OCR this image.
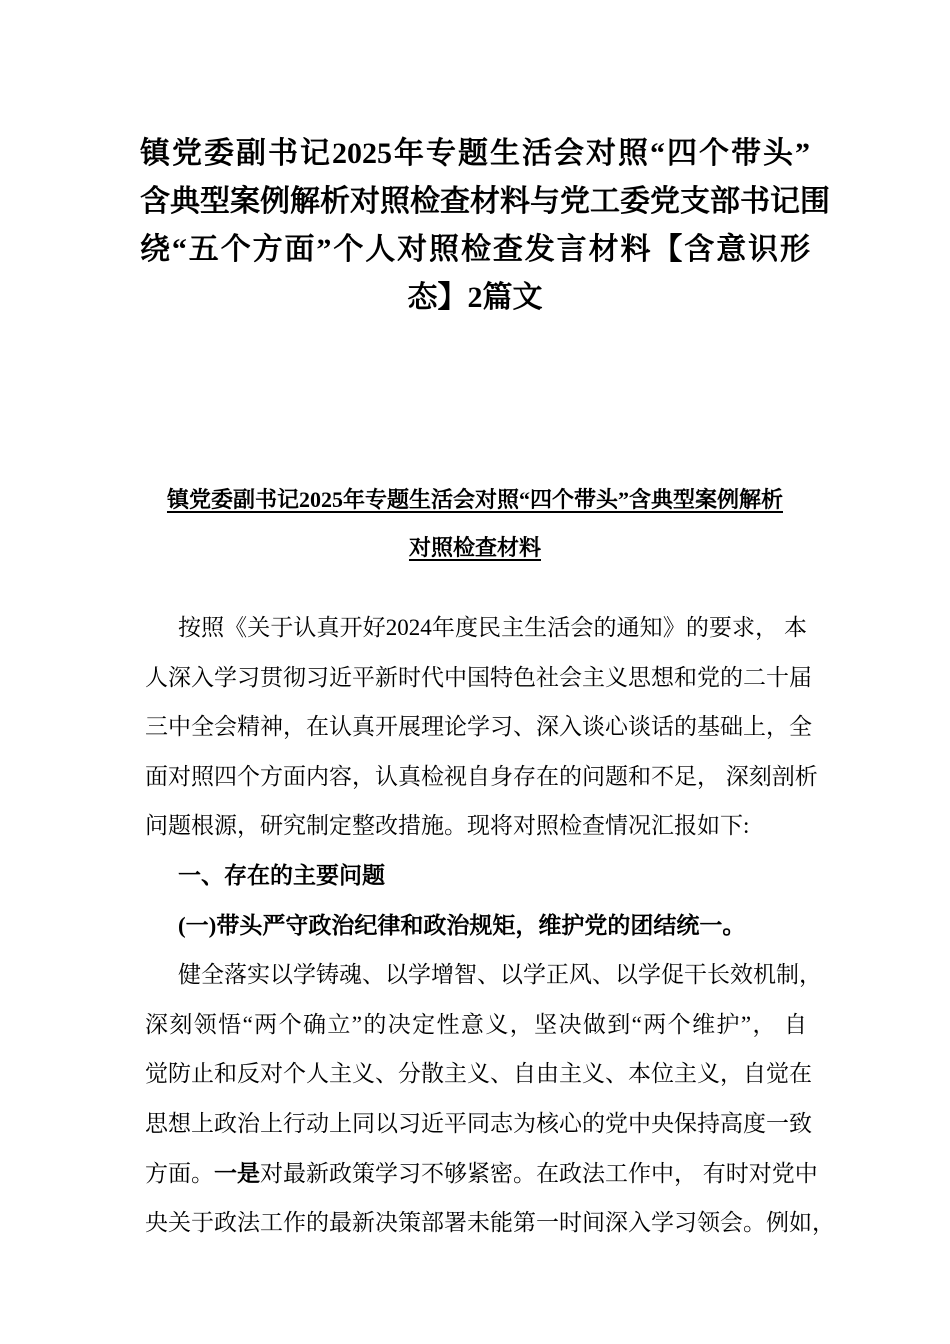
镇党委副书记2025年专题生活会对照“四个带头”
含典型案例解析对照检查材料与党工委党支部书记围
绕“五个方面”个人对照检查发言材料【含意识形
态】2篇文
镇党委副书记2025年专题生活会对照“四个带头”含典型案例解析
对照检查材料
按照《关于认真开好2024年度民主生活会的通知》的要求， 本
人深入学习贯彻习近平新时代中国特色社会主义思想和党的二十届
三中全会精神，在认真开展理论学习、深入谈心谈话的基础上，全
面对照四个方面内容，认真检视自身存在的问题和不足， 深刻剖析
问题根源，研究制定整改措施。现将对照检查情况汇报如下:
一、存在的主要问题
(一)带头严守政治纪律和政治规矩，维护党的团结统一。
健全落实以学铸魂、以学增智、以学正风、以学促干长效机制，
深刻领悟“两个确立”的决定性意义，坚决做到“两个维护”， 自
觉防止和反对个人主义、分散主义、自由主义、本位主义，自觉在
思想上政治上行动上同以习近平同志为核心的党中央保持高度一致
方面。一是对最新政策学习不够紧密。在政法工作中， 有时对党中
央关于政法工作的最新决策部署未能第一时间深入学习领会。例如，
